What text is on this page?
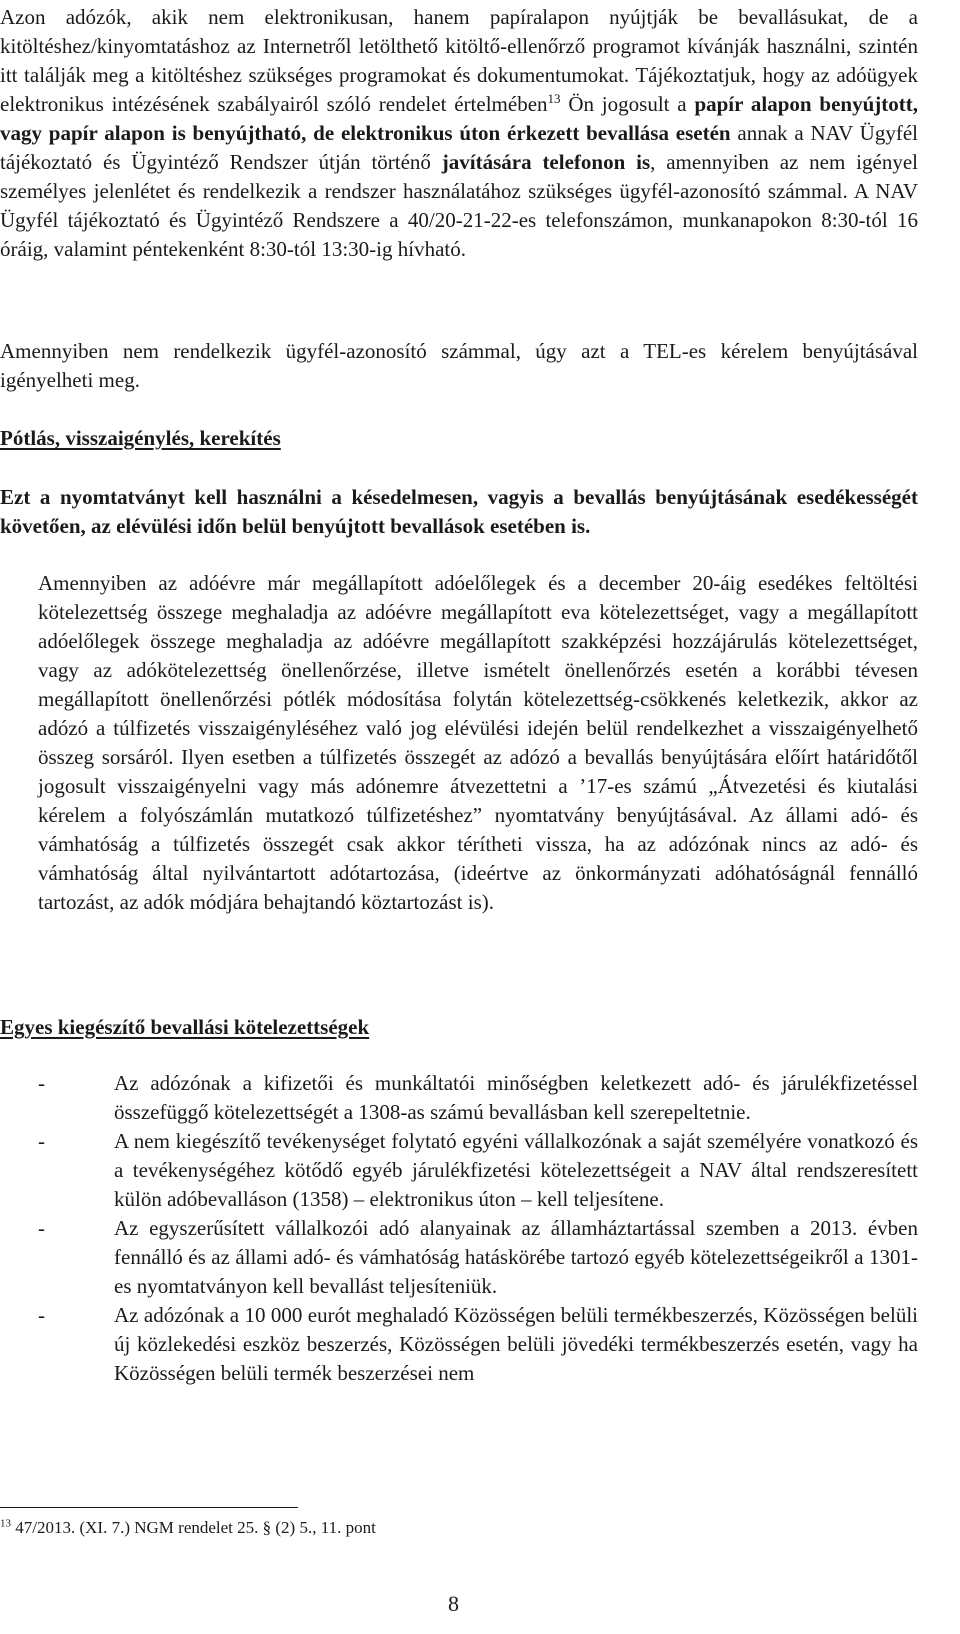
Azon adózók, akik nem elektronikusan, hanem papíralapon nyújtják be bevallásukat, de a kitöltéshez/kinyomtatáshoz az Internetről letölthető kitöltő-ellenőrző programot kívánják használni, szintén itt találják meg a kitöltéshez szükséges programokat és dokumentumokat. Tájékoztatjuk, hogy az adóügyek elektronikus intézésének szabályairól szóló rendelet értelmében$^{13}$ Ön jogosult a papír alapon benyújtott, vagy papír alapon is benyújtható, de elektronikus úton érkezett bevallása esetén annak a NAV Ügyfél tájékoztató és Ügyintéző Rendszer útján történő javítására telefonon is, amennyiben az nem igényel személyes jelenlétet és rendelkezik a rendszer használatához szükséges ügyfél-azonosító számmal. A NAV Ügyfél tájékoztató és Ügyintéző Rendszere a 40/20-21-22-es telefonszámon, munkanapokon 8:30-tól 16 óráig, valamint péntekenként 8:30-tól 13:30-ig hívható.

Amennyiben nem rendelkezik ügyfél-azonosító számmal, úgy azt a TEL-es kérelem benyújtásával igényelheti meg.

Pótlás, visszaigénylés, kerekítés

Ezt a nyomtatványt kell használni a késedelmesen, vagyis a bevallás benyújtásának esedékességét követően, az elévülési időn belül benyújtott bevallások esetében is.

Amennyiben az adóévre már megállapított adóelőlegek és a december 20-áig esedékes feltöltési kötelezettség összege meghaladja az adóévre megállapított eva kötelezettséget, vagy a megállapított adóelőlegek összege meghaladja az adóévre megállapított szakképzési hozzájárulás kötelezettséget, vagy az adókötelezettség önellenőrzése, illetve ismételt önellenőrzés esetén a korábbi tévesen megállapított önellenőrzési pótlék módosítása folytán kötelezettség-csökkenés keletkezik, akkor az adózó a túlfizetés visszaigényléséhez való jog elévülési idején belül rendelkezhet a visszaigényelhető összeg sorsáról. Ilyen esetben a túlfizetés összegét az adózó a bevallás benyújtására előírt határidőtől jogosult visszaigényelni vagy más adónemre átvezettetni a ’17-es számú „Átvezetési és kiutalási kérelem a folyószámlán mutatkozó túlfizetéshez” nyomtatvány benyújtásával. Az állami adó- és vámhatóság a túlfizetés összegét csak akkor térítheti vissza, ha az adózónak nincs az adó- és vámhatóság által nyilvántartott adótartozása, (ideértve az önkormányzati adóhatóságnál fennálló tartozást, az adók módjára behajtandó köztartozást is).

Egyes kiegészítő bevallási kötelezettségek
-	Az adózónak a kifizetői és munkáltatói minőségben keletkezett adó- és járulékfizetéssel összefüggő kötelezettségét a 1308-as számú bevallásban kell szerepeltetnie.
-	A nem kiegészítő tevékenységet folytató egyéni vállalkozónak a saját személyére vonatkozó és a tevékenységéhez kötődő egyéb járulékfizetési kötelezettségeit a NAV által rendszeresített külön adóbevalláson (1358) – elektronikus úton – kell teljesítene.
-	Az egyszerűsített vállalkozói adó alanyainak az államháztartással szemben a 2013. évben fennálló és az állami adó- és vámhatóság hatáskörébe tartozó egyéb kötelezettségeikről a 1301-es nyomtatványon kell bevallást teljesíteniük.
-	Az adózónak a 10 000 eurót meghaladó Közösségen belüli termékbeszerzés, Közösségen belüli új közlekedési eszköz beszerzés, Közösségen belüli jövedéki termékbeszerzés esetén, vagy ha Közösségen belüli termék beszerzései nem

$^{13}$ 47/2013. (XI. 7.) NGM rendelet 25. § (2) 5., 11. pont

8
